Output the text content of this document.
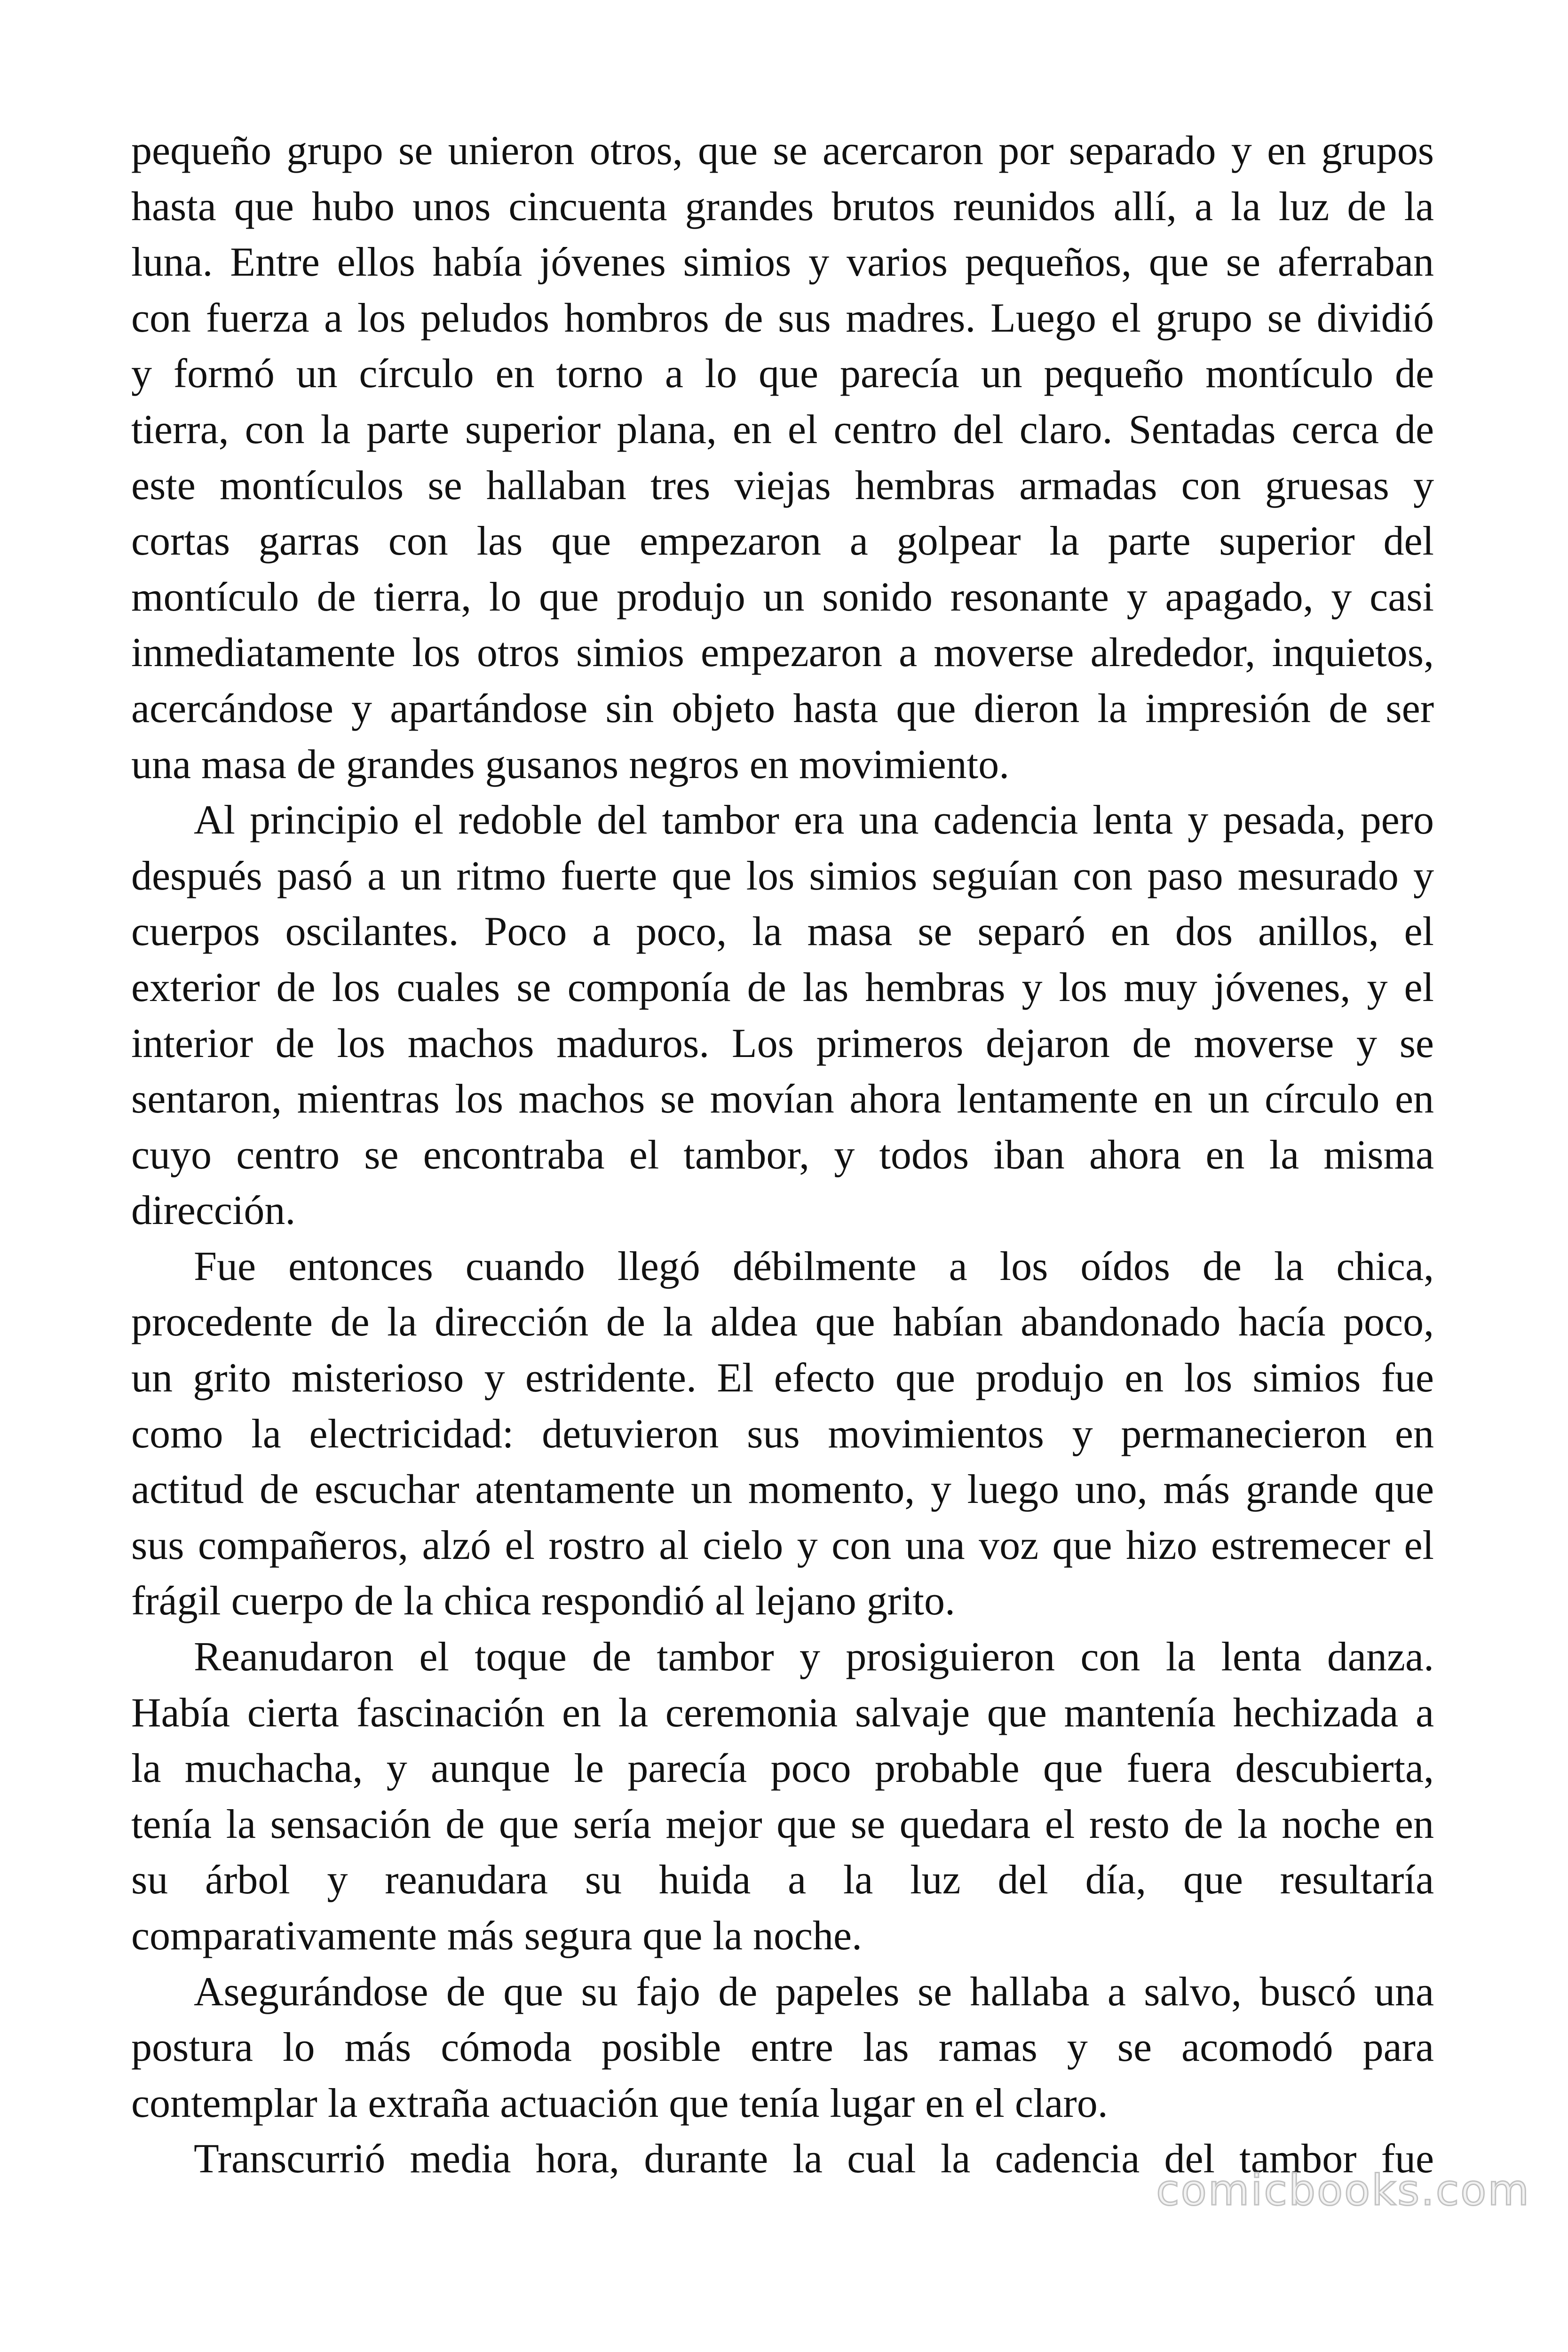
pequeño grupo se unieron otros, que se acercaron por separado y en grupos
hasta que hubo unos cincuenta grandes brutos reunidos allí, a la luz de la
luna. Entre ellos había jóvenes simios y varios pequeños, que se aferraban
con fuerza a los peludos hombros de sus madres. Luego el grupo se dividió
y formó un círculo en torno a lo que parecía un pequeño montículo de
tierra, con la parte superior plana, en el centro del claro. Sentadas cerca de
este montículos se hallaban tres viejas hembras armadas con gruesas y
cortas garras con las que empezaron a golpear la parte superior del
montículo de tierra, lo que produjo un sonido resonante y apagado, y casi
inmediatamente los otros simios empezaron a moverse alrededor, inquietos,
acercándose y apartándose sin objeto hasta que dieron la impresión de ser
una masa de grandes gusanos negros en movimiento.
Al principio el redoble del tambor era una cadencia lenta y pesada, pero
después pasó a un ritmo fuerte que los simios seguían con paso mesurado y
cuerpos oscilantes. Poco a poco, la masa se separó en dos anillos, el
exterior de los cuales se componía de las hembras y los muy jóvenes, y el
interior de los machos maduros. Los primeros dejaron de moverse y se
sentaron, mientras los machos se movían ahora lentamente en un círculo en
cuyo centro se encontraba el tambor, y todos iban ahora en la misma
dirección.
Fue entonces cuando llegó débilmente a los oídos de la chica,
procedente de la dirección de la aldea que habían abandonado hacía poco,
un grito misterioso y estridente. El efecto que produjo en los simios fue
como la electricidad: detuvieron sus movimientos y permanecieron en
actitud de escuchar atentamente un momento, y luego uno, más grande que
sus compañeros, alzó el rostro al cielo y con una voz que hizo estremecer el
frágil cuerpo de la chica respondió al lejano grito.
Reanudaron el toque de tambor y prosiguieron con la lenta danza.
Había cierta fascinación en la ceremonia salvaje que mantenía hechizada a
la muchacha, y aunque le parecía poco probable que fuera descubierta,
tenía la sensación de que sería mejor que se quedara el resto de la noche en
su árbol y reanudara su huida a la luz del día, que resultaría
comparativamente más segura que la noche.
Asegurándose de que su fajo de papeles se hallaba a salvo, buscó una
postura lo más cómoda posible entre las ramas y se acomodó para
contemplar la extraña actuación que tenía lugar en el claro.
Transcurrió media hora, durante la cual la cadencia del tambor fue
comicbooks.com
